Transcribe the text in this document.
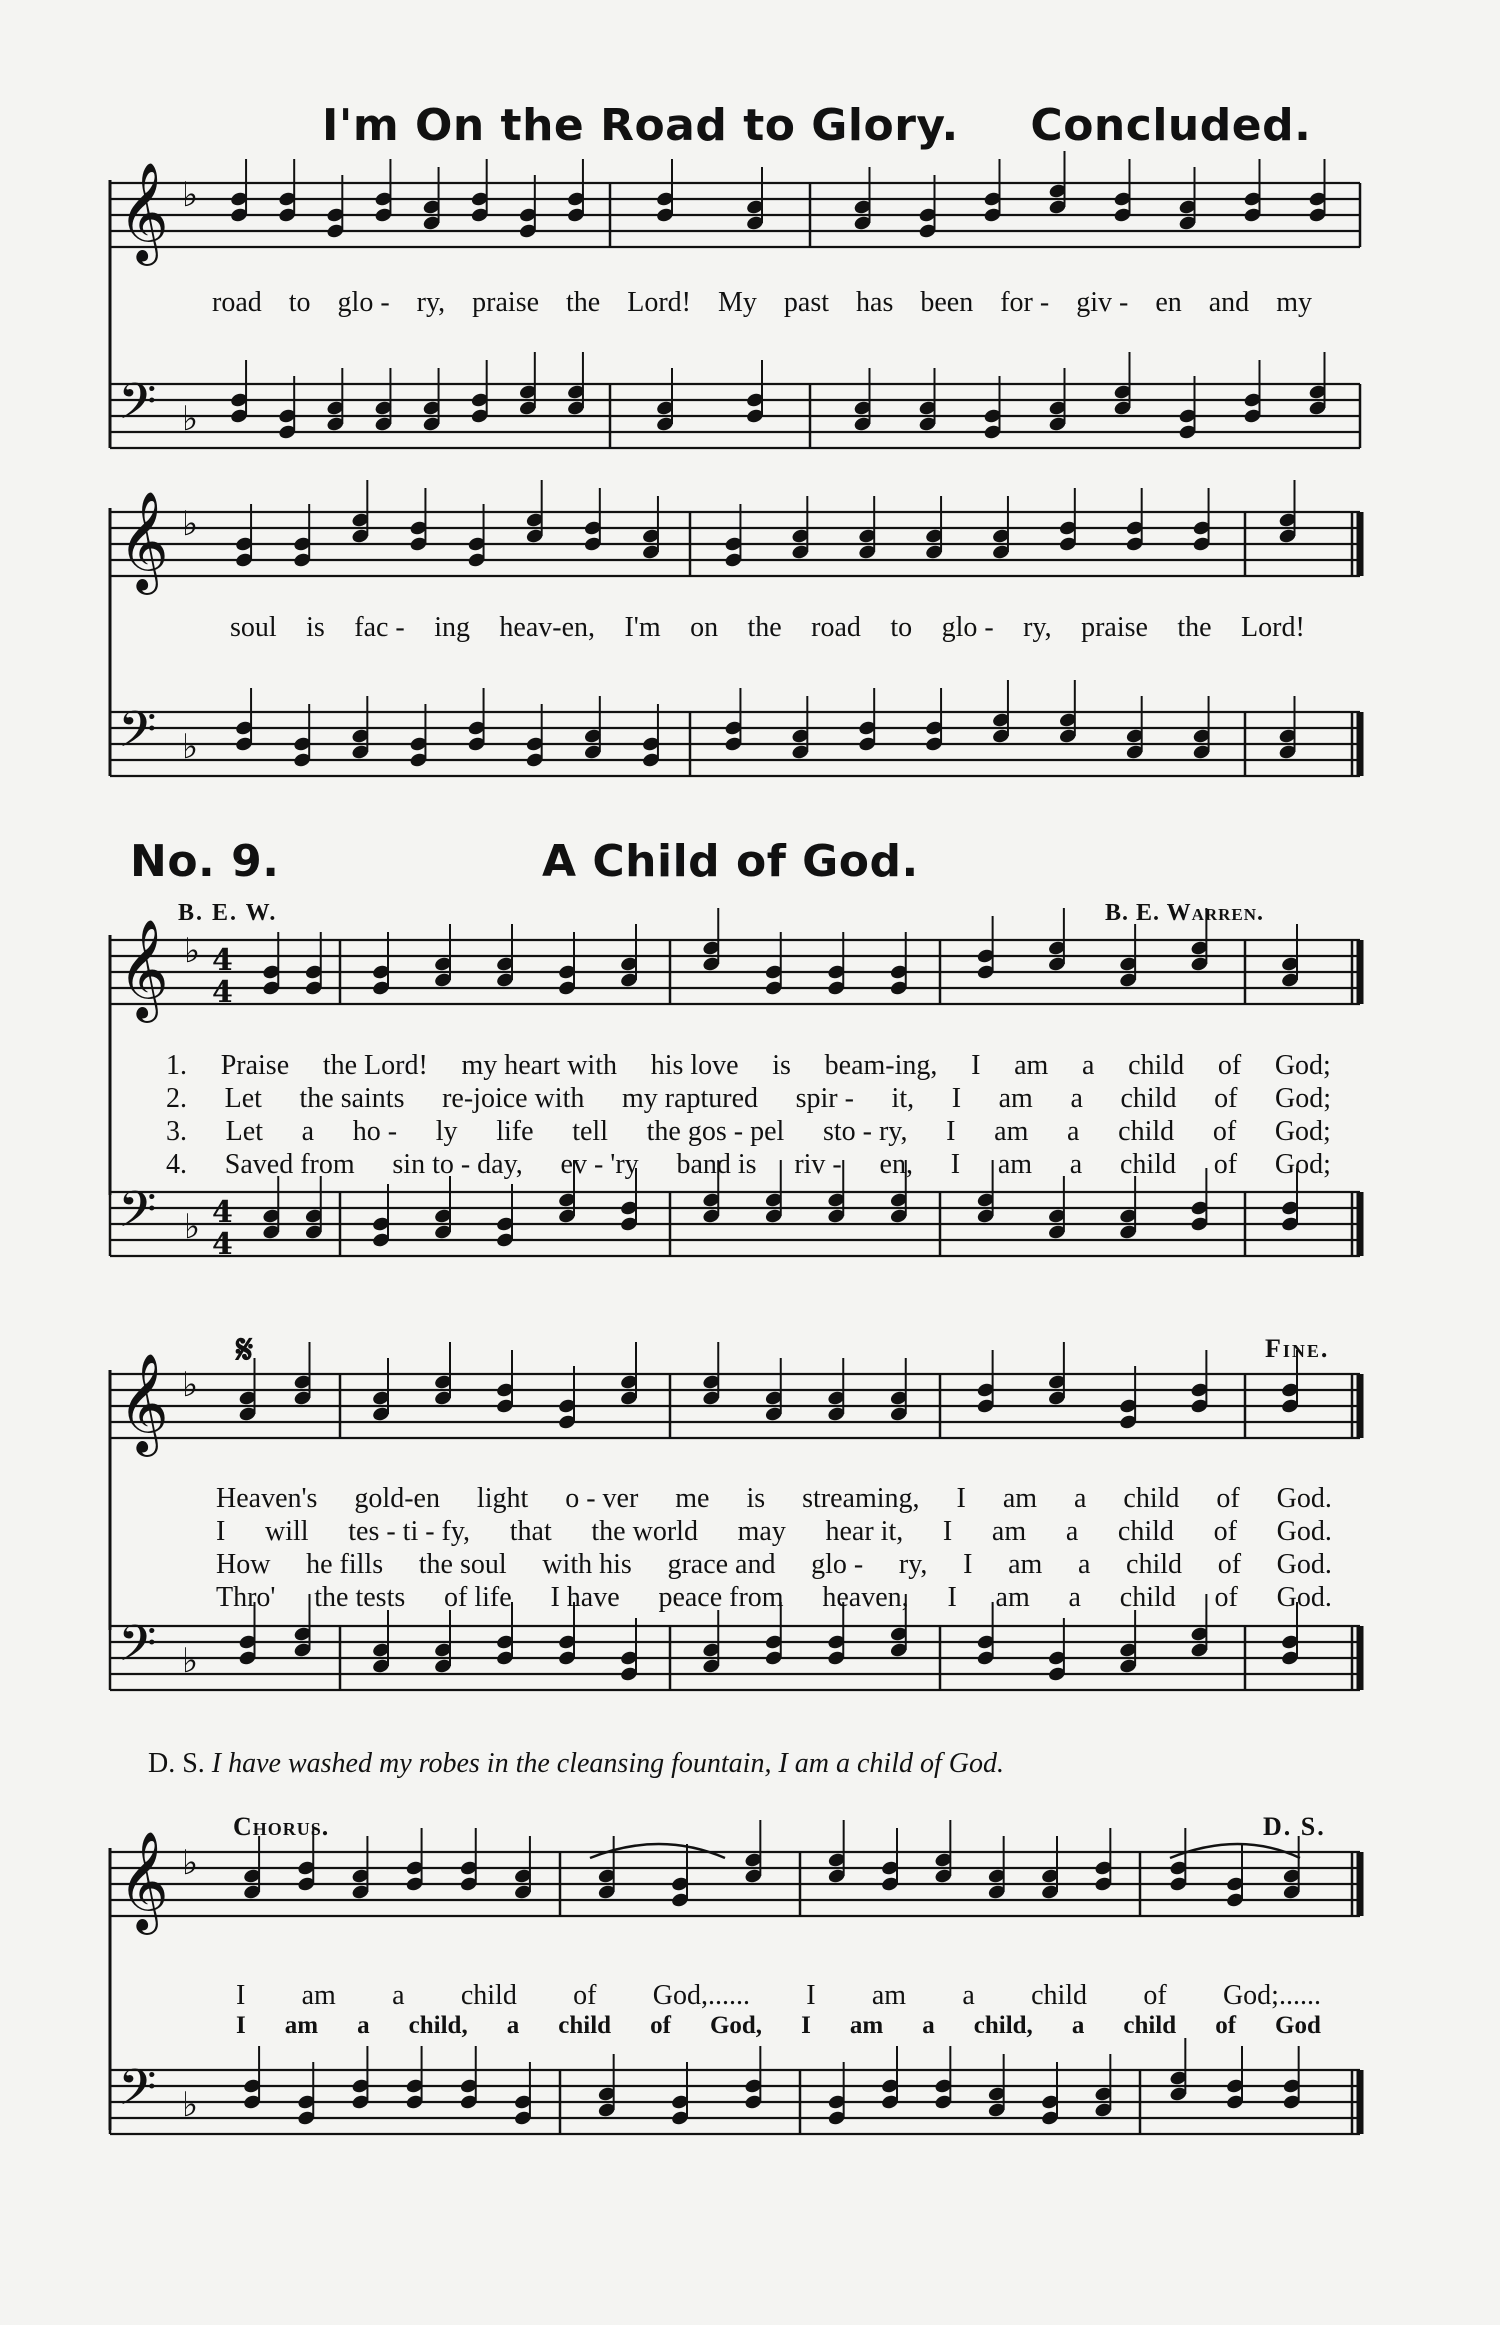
I'm On the Road to Glory. Concluded.
𝄞 ♭
𝄢 ♭
𝄞 ♭
𝄢 ♭
𝄞 ♭ 4
4
𝄢 ♭ 4
4
𝄞 ♭
𝄢 ♭
𝄞 ♭
𝄢 ♭
road to glo - ry, praise the Lord! My past has been for - giv - en and my
soul is fac - ing heav-en, I'm on the road to glo - ry, praise the Lord!
No. 9.	A Child of God.
B. E. W.	B. E. Warren.
1. Praise the Lord! my heart with his love is beam-ing, I am a child of God;
2. Let the saints re-joice with my raptured spir - it, I am a child of God;
3. Let a ho - ly life tell the gos - pel sto - ry, I am a child of God;
4. Saved from sin to - day, ev - 'ry band is riv - en, I am a child of God;
𝄋	Fine.
Heaven's gold-en light o - ver me is streaming, I am a child of God.
I will tes - ti - fy, that the world may hear it, I am a child of God.
How he fills the soul with his grace and glo - ry, I am a child of God.
Thro' the tests of life I have peace from heaven, I am a child of God.
D. S. I have washed my robes in the cleansing fountain, I am a child of God.
Chorus.	D. S.
I am a child of God,...... I am a child of God;......
I am a child, a child of God, I am a child, a child of God
